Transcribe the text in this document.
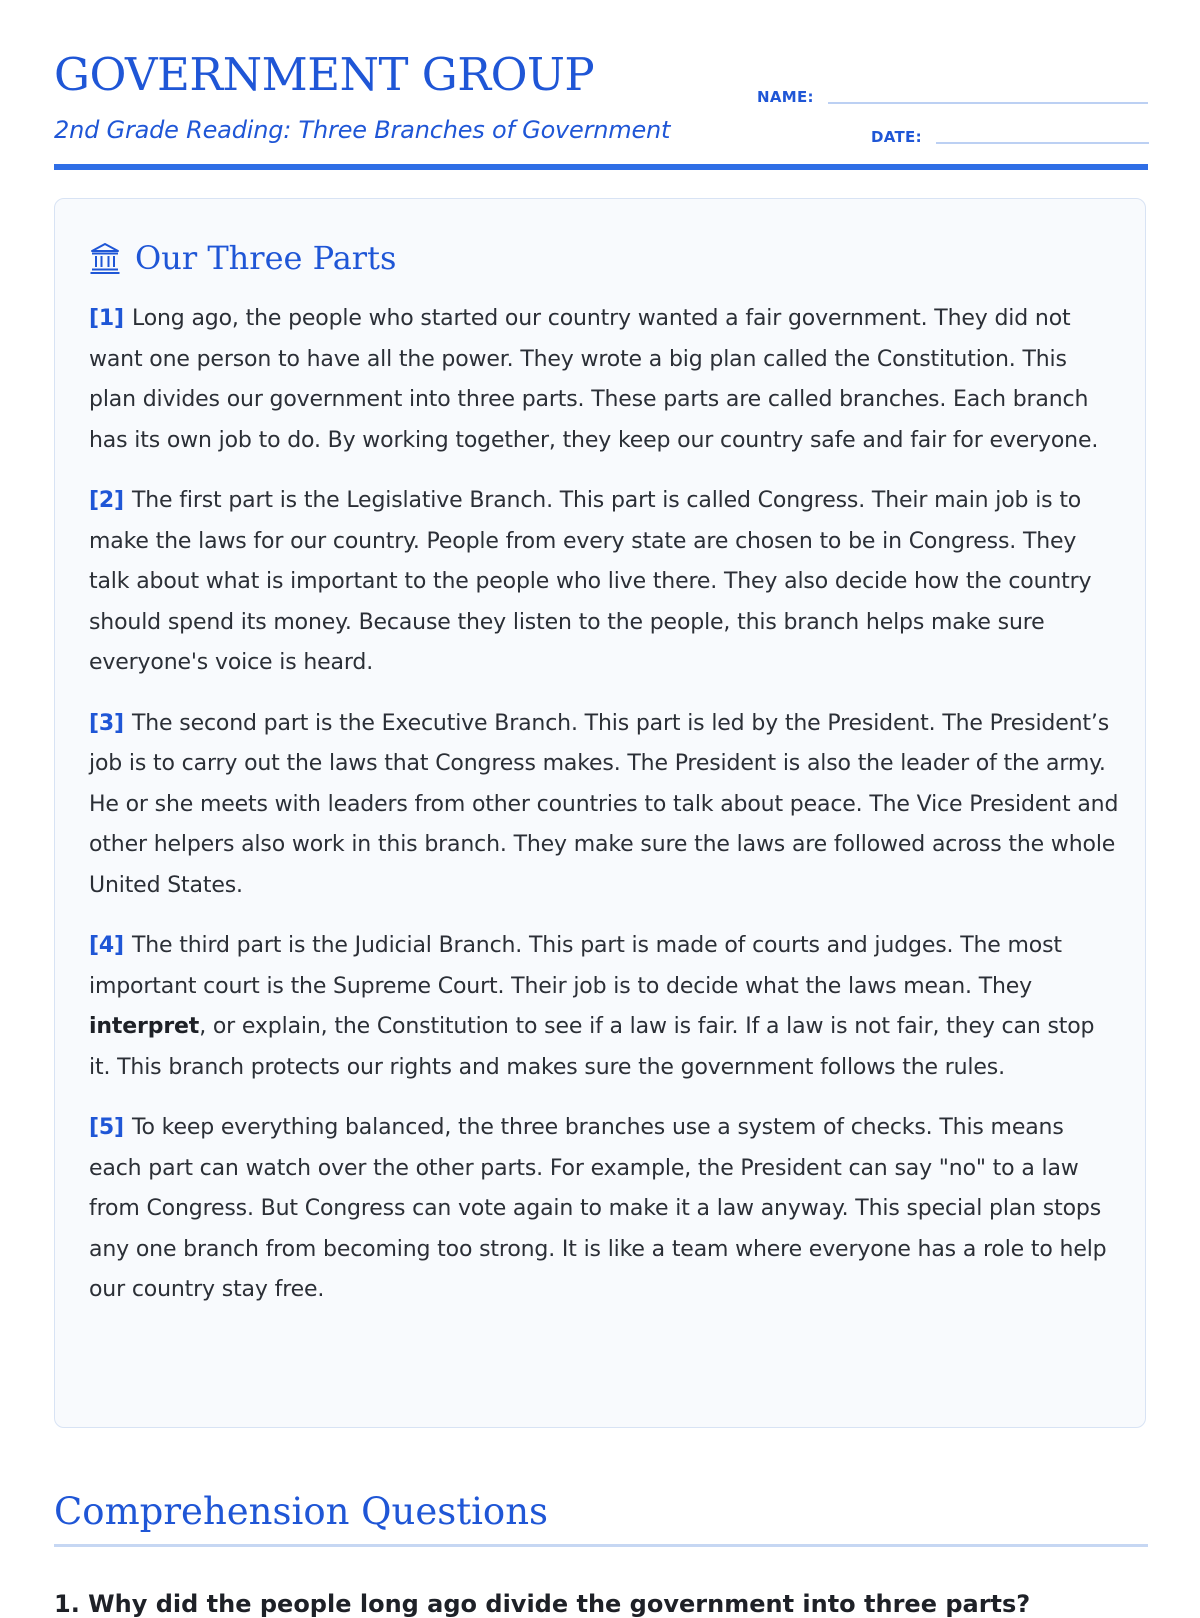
GOVERNMENT GROUP
2nd Grade Reading: Three Branches of Government
NAME:
DATE:
Our Three Parts

[1] Long ago, the people who started our country wanted a fair government. They did not want one person to have all the power. They wrote a big plan called the Constitution. This plan divides our government into three parts. These parts are called branches. Each branch has its own job to do. By working together, they keep our country safe and fair for everyone.

[2] The first part is the Legislative Branch. This part is called Congress. Their main job is to make the laws for our country. People from every state are chosen to be in Congress. They talk about what is important to the people who live there. They also decide how the country should spend its money. Because they listen to the people, this branch helps make sure everyone's voice is heard.

[3] The second part is the Executive Branch. This part is led by the President. The President’s job is to carry out the laws that Congress makes. The President is also the leader of the army. He or she meets with leaders from other countries to talk about peace. The Vice President and other helpers also work in this branch. They make sure the laws are followed across the whole United States.

[4] The third part is the Judicial Branch. This part is made of courts and judges. The most important court is the Supreme Court. Their job is to decide what the laws mean. They interpret, or explain, the Constitution to see if a law is fair. If a law is not fair, they can stop it. This branch protects our rights and makes sure the government follows the rules.

[5] To keep everything balanced, the three branches use a system of checks. This means each part can watch over the other parts. For example, the President can say "no" to a law from Congress. But Congress can vote again to make it a law anyway. This special plan stops any one branch from becoming too strong. It is like a team where everyone has a role to help our country stay free.

Comprehension Questions
1. Why did the people long ago divide the government into three parts?
